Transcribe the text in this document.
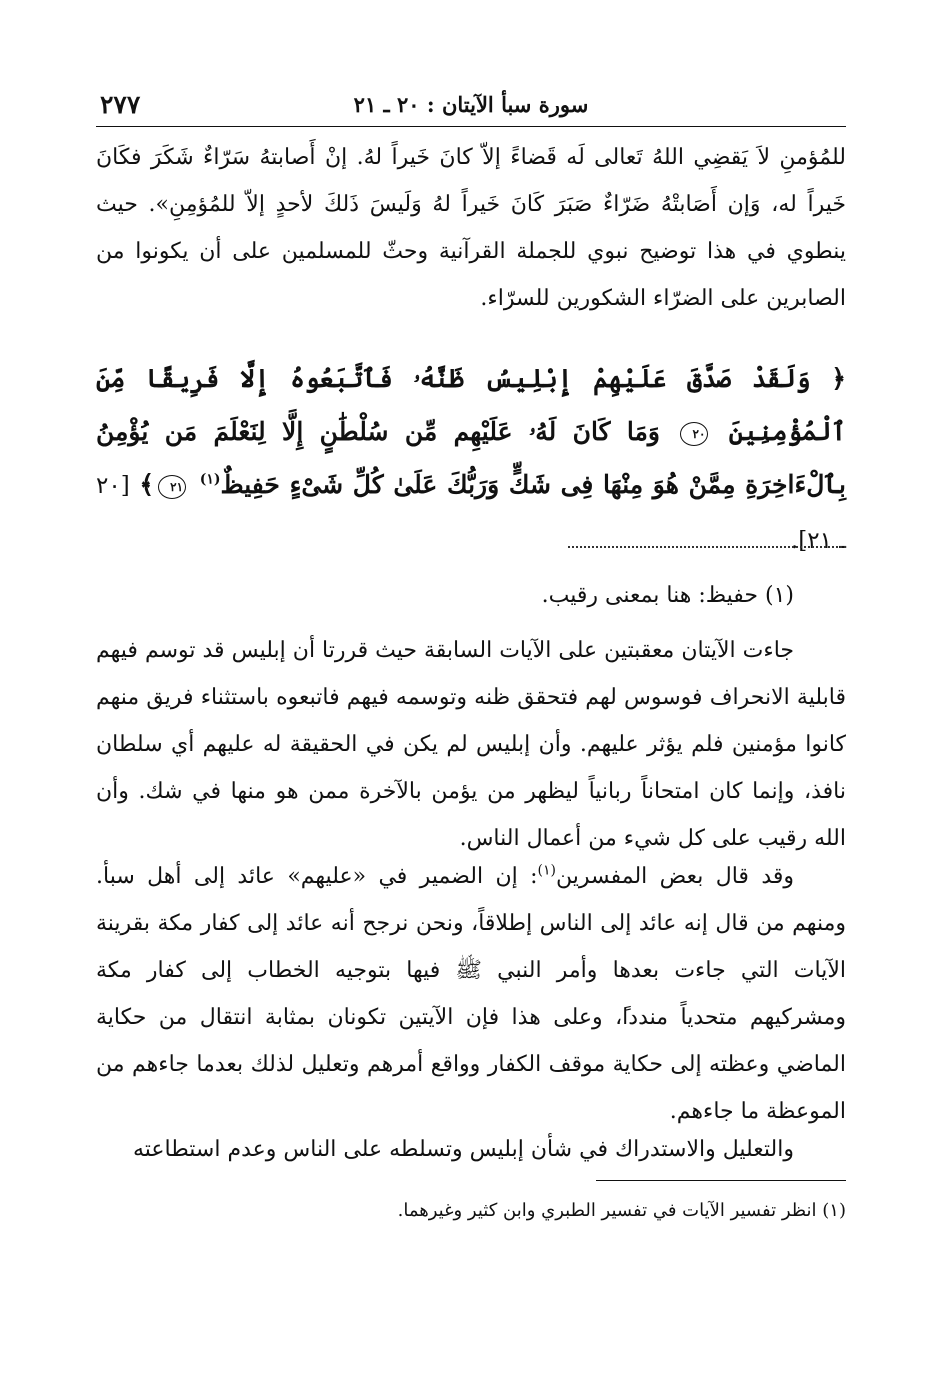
٢٧٧	سورة سبأ الآيتان : ٢٠ ـ ٢١

للمُؤمنِ لاَ يَقضِي اللهُ تَعالى لَه قَضاءً إلاّ كانَ خَيراً لهُ. إنْ أَصابتهُ سَرّاءٌ شَكَرَ فكَانَ خَيراً له، وَإن أَصَابتْهُ ضَرّاءٌ صَبَرَ كَانَ خَيراً لهُ وَلَيسَ ذَلكَ لأحدٍ إلاّ للمُؤمِنِ». حيث ينطوي في هذا توضيح نبوي للجملة القرآنية وحثّ للمسلمين على أن يكونوا من الصابرين على الضرّاء الشكورين للسرّاء.

﴿ وَلَقَدْ صَدَّقَ عَلَيْهِمْ إِبْلِيسُ ظَنَّهُۥ فَٱتَّبَعُوهُ إِلَّا فَرِيقًا مِّنَ ٱلْمُؤْمِنِينَ ٢٠ وَمَا كَانَ لَهُۥ عَلَيْهِم مِّن سُلْطَٰنٍ إِلَّا لِنَعْلَمَ مَن يُؤْمِنُ بِٱلْءَاخِرَةِ مِمَّنْ هُوَ مِنْهَا فِى شَكٍّ وَرَبُّكَ عَلَىٰ كُلِّ شَىْءٍ حَفِيظٌ$^{(١)}$ ٢١﴾ [٢٠ ـ ٢١].

(١) حفيظ: هنا بمعنى رقيب.

جاءت الآيتان معقبتين على الآيات السابقة حيث قررتا أن إبليس قد توسم فيهم قابلية الانحراف فوسوس لهم فتحقق ظنه وتوسمه فيهم فاتبعوه باستثناء فريق منهم كانوا مؤمنين فلم يؤثر عليهم. وأن إبليس لم يكن في الحقيقة له عليهم أي سلطان نافذ، وإنما كان امتحاناً ربانياً ليظهر من يؤمن بالآخرة ممن هو منها في شك. وأن الله رقيب على كل شيء من أعمال الناس.

وقد قال بعض المفسرين$^{(١)}$: إن الضمير في «عليهم» عائد إلى أهل سبأ. ومنهم من قال إنه عائد إلى الناس إطلاقاً، ونحن نرجح أنه عائد إلى كفار مكة بقرينة الآيات التي جاءت بعدها وأمر النبي ﷺ فيها بتوجيه الخطاب إلى كفار مكة ومشركيهم متحدياً منددا‍ً، وعلى هذا فإن الآيتين تكونان بمثابة انتقال من حكاية الماضي وعظته إلى حكاية موقف الكفار وواقع أمرهم وتعليل لذلك بعدما جاءهم من الموعظة ما جاءهم.

والتعليل والاستدراك في شأن إبليس وتسلطه على الناس وعدم استطاعته

(١) انظر تفسير الآيات في تفسير الطبري وابن كثير وغيرهما.
